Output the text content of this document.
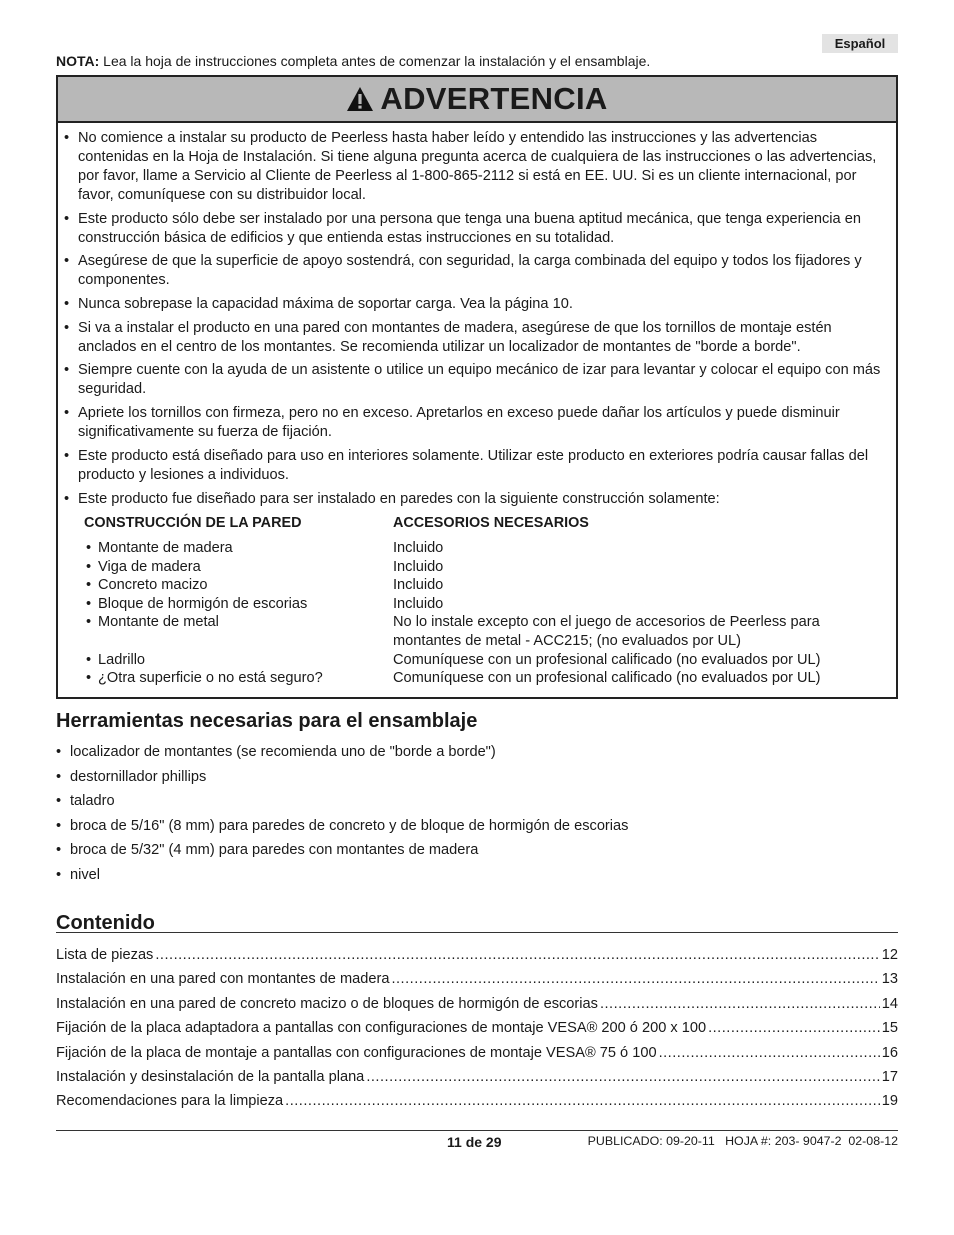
Español
NOTA: Lea la hoja de instrucciones completa antes de comenzar la instalación y el ensamblaje.
ADVERTENCIA
• No comience a instalar su producto de Peerless hasta haber leído y entendido las instrucciones y las advertencias contenidas en la Hoja de Instalación. Si tiene alguna pregunta acerca de cualquiera de las instrucciones o las advertencias, por favor, llame a Servicio al Cliente de Peerless al 1-800-865-2112 si está en EE. UU. Si es un cliente internacional, por favor, comuníquese con su distribuidor local.
• Este producto sólo debe ser instalado por una persona que tenga una buena aptitud mecánica, que tenga experiencia en construcción básica de edificios y que entienda estas instrucciones en su totalidad.
• Asegúrese de que la superficie de apoyo sostendrá, con seguridad, la carga combinada del equipo y todos los fijadores y componentes.
• Nunca sobrepase la capacidad máxima de soportar carga. Vea la página 10.
• Si va a instalar el producto en una pared con montantes de madera, asegúrese de que los tornillos de montaje estén anclados en el centro de los montantes. Se recomienda utilizar un localizador de montantes de "borde a borde".
• Siempre cuente con la ayuda de un asistente o utilice un equipo mecánico de izar para levantar y colocar el equipo con más seguridad.
• Apriete los tornillos con firmeza, pero no en exceso. Apretarlos en exceso puede dañar los artículos y puede disminuir significativamente su fuerza de fijación.
• Este producto está diseñado para uso en interiores solamente. Utilizar este producto en exteriores podría causar fallas del producto y lesiones a individuos.
• Este producto fue diseñado para ser instalado en paredes con la siguiente construcción solamente:
CONSTRUCCIÓN DE LA PARED	ACCESORIOS NECESARIOS
• Montante de madera	Incluido
• Viga de madera	Incluido
• Concreto macizo	Incluido
• Bloque de hormigón de escorias	Incluido
• Montante de metal	No lo instale excepto con el juego de accesorios de Peerless para montantes de metal - ACC215; (no evaluados por UL)
• Ladrillo	Comuníquese con un profesional calificado (no evaluados por UL)
• ¿Otra superficie o no está seguro?	Comuníquese con un profesional calificado (no evaluados por UL)
Herramientas necesarias para el ensamblaje
• localizador de montantes (se recomienda uno de "borde a borde")
• destornillador phillips
• taladro
• broca de 5/16" (8 mm) para paredes de concreto y de bloque de hormigón de escorias
• broca de 5/32" (4 mm) para paredes con montantes de madera
• nivel
Contenido
Lista de piezas .....	12
Instalación en una pared con montantes de madera .....	13
Instalación en una pared de concreto macizo o de bloques de hormigón de escorias .....	14
Fijación de la placa adaptadora a pantallas con configuraciones de montaje VESA® 200 ó 200 x 100 .....	15
Fijación de la placa de montaje a pantallas con configuraciones de montaje VESA® 75 ó 100 .....	16
Instalación y desinstalación de la pantalla plana .....	17
Recomendaciones para la limpieza .....	19
11 de 29	PUBLICADO: 09-20-11   HOJA #: 203- 9047-2  02-08-12
